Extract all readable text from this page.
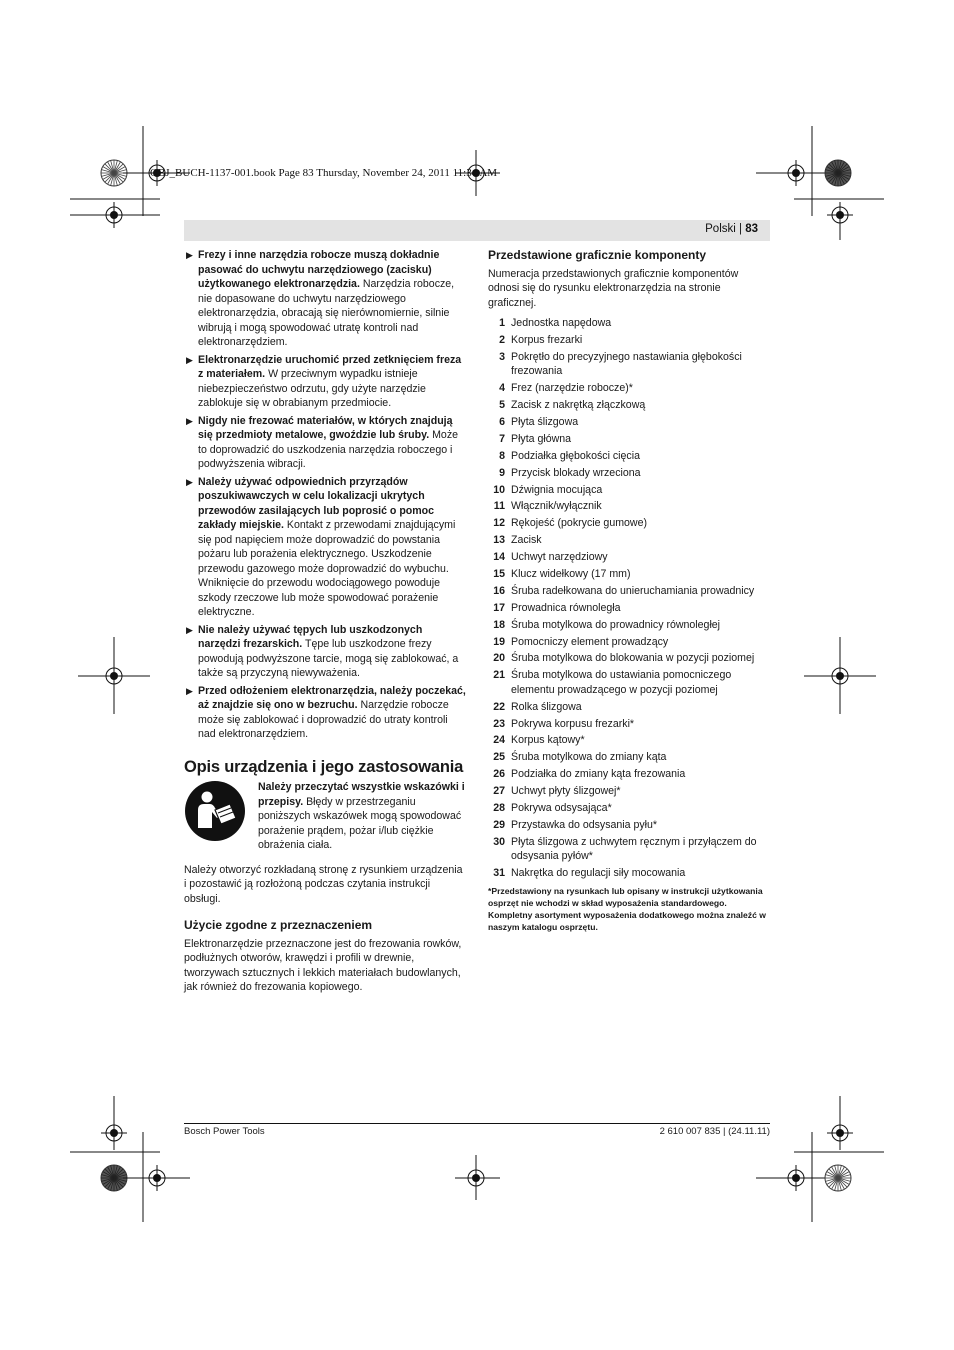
OBJ_BUCH-1137-001.book Page 83 Thursday, November 24, 2011 11:34 AM
Polski | 83
▶ Frezy i inne narzędzia robocze muszą dokładnie pasować do uchwytu narzędziowego (zacisku) użytkowanego elektronarzędzia. Narzędzia robocze, nie dopasowane do uchwytu narzędziowego elektronarzędzia, obracają się nierównomiernie, silnie wibrują i mogą spowodować utratę kontroli nad elektronarzędziem.
▶ Elektronarzędzie uruchomić przed zetknięciem freza z materiałem. W przeciwnym wypadku istnieje niebezpieczeństwo odrzutu, gdy użyte narzędzie zablokuje się w obrabianym przedmiocie.
▶ Nigdy nie frezować materiałów, w których znajdują się przedmioty metalowe, gwoździe lub śruby. Może to doprowadzić do uszkodzenia narzędzia roboczego i podwyższenia wibracji.
▶ Należy używać odpowiednich przyrządów poszukiwawczych w celu lokalizacji ukrytych przewodów zasilających lub poprosić o pomoc zakłady miejskie. Kontakt z przewodami znajdującymi się pod napięciem może doprowadzić do powstania pożaru lub porażenia elektrycznego. Uszkodzenie przewodu gazowego może doprowadzić do wybuchu. Wniknięcie do przewodu wodociągowego powoduje szkody rzeczowe lub może spowodować porażenie elektryczne.
▶ Nie należy używać tępych lub uszkodzonych narzędzi frezarskich. Tępe lub uszkodzone frezy powodują podwyższone tarcie, mogą się zablokować, a także są przyczyną niewyważenia.
▶ Przed odłożeniem elektronarzędzia, należy poczekać, aż znajdzie się ono w bezruchu. Narzędzie robocze może się zablokować i doprowadzić do utraty kontroli nad elektronarzędziem.
Opis urządzenia i jego zastosowania
Należy przeczytać wszystkie wskazówki i przepisy. Błędy w przestrzeganiu poniższych wskazówek mogą spowodować porażenie prądem, pożar i/lub ciężkie obrażenia ciała.

Należy otworzyć rozkładaną stronę z rysunkiem urządzenia i pozostawić ją rozłożoną podczas czytania instrukcji obsługi.

Użycie zgodne z przeznaczeniem

Elektronarzędzie przeznaczone jest do frezowania rowków, podłużnych otworów, krawędzi i profili w drewnie, tworzywach sztucznych i lekkich materiałach budowlanych, jak również do frezowania kopiowego.

Przedstawione graficznie komponenty

Numeracja przedstawionych graficznie komponentów odnosi się do rysunku elektronarzędzia na stronie graficznej.

1 Jednostka napędowa
2 Korpus frezarki
3 Pokrętło do precyzyjnego nastawiania głębokości frezowania
4 Frez (narzędzie robocze)*
5 Zacisk z nakrętką złączkową
6 Płyta ślizgowa
7 Płyta główna
8 Podziałka głębokości cięcia
9 Przycisk blokady wrzeciona
10 Dźwignia mocująca
11 Włącznik/wyłącznik
12 Rękojeść (pokrycie gumowe)
13 Zacisk
14 Uchwyt narzędziowy
15 Klucz widełkowy (17 mm)
16 Śruba radełkowana do unieruchamiania prowadnicy
17 Prowadnica równoległa
18 Śruba motylkowa do prowadnicy równoległej
19 Pomocniczy element prowadzący
20 Śruba motylkowa do blokowania w pozycji poziomej
21 Śruba motylkowa do ustawiania pomocniczego elementu prowadzącego w pozycji poziomej
22 Rolka ślizgowa
23 Pokrywa korpusu frezarki*
24 Korpus kątowy*
25 Śruba motylkowa do zmiany kąta
26 Podziałka do zmiany kąta frezowania
27 Uchwyt płyty ślizgowej*
28 Pokrywa odsysająca*
29 Przystawka do odsysania pyłu*
30 Płyta ślizgowa z uchwytem ręcznym i przyłączem do odsysania pyłów*
31 Nakrętka do regulacji siły mocowania
*Przedstawiony na rysunkach lub opisany w instrukcji użytkowania osprzęt nie wchodzi w skład wyposażenia standardowego. Kompletny asortyment wyposażenia dodatkowego można znaleźć w naszym katalogu osprzętu.
Bosch Power Tools	2 610 007 835 | (24.11.11)
